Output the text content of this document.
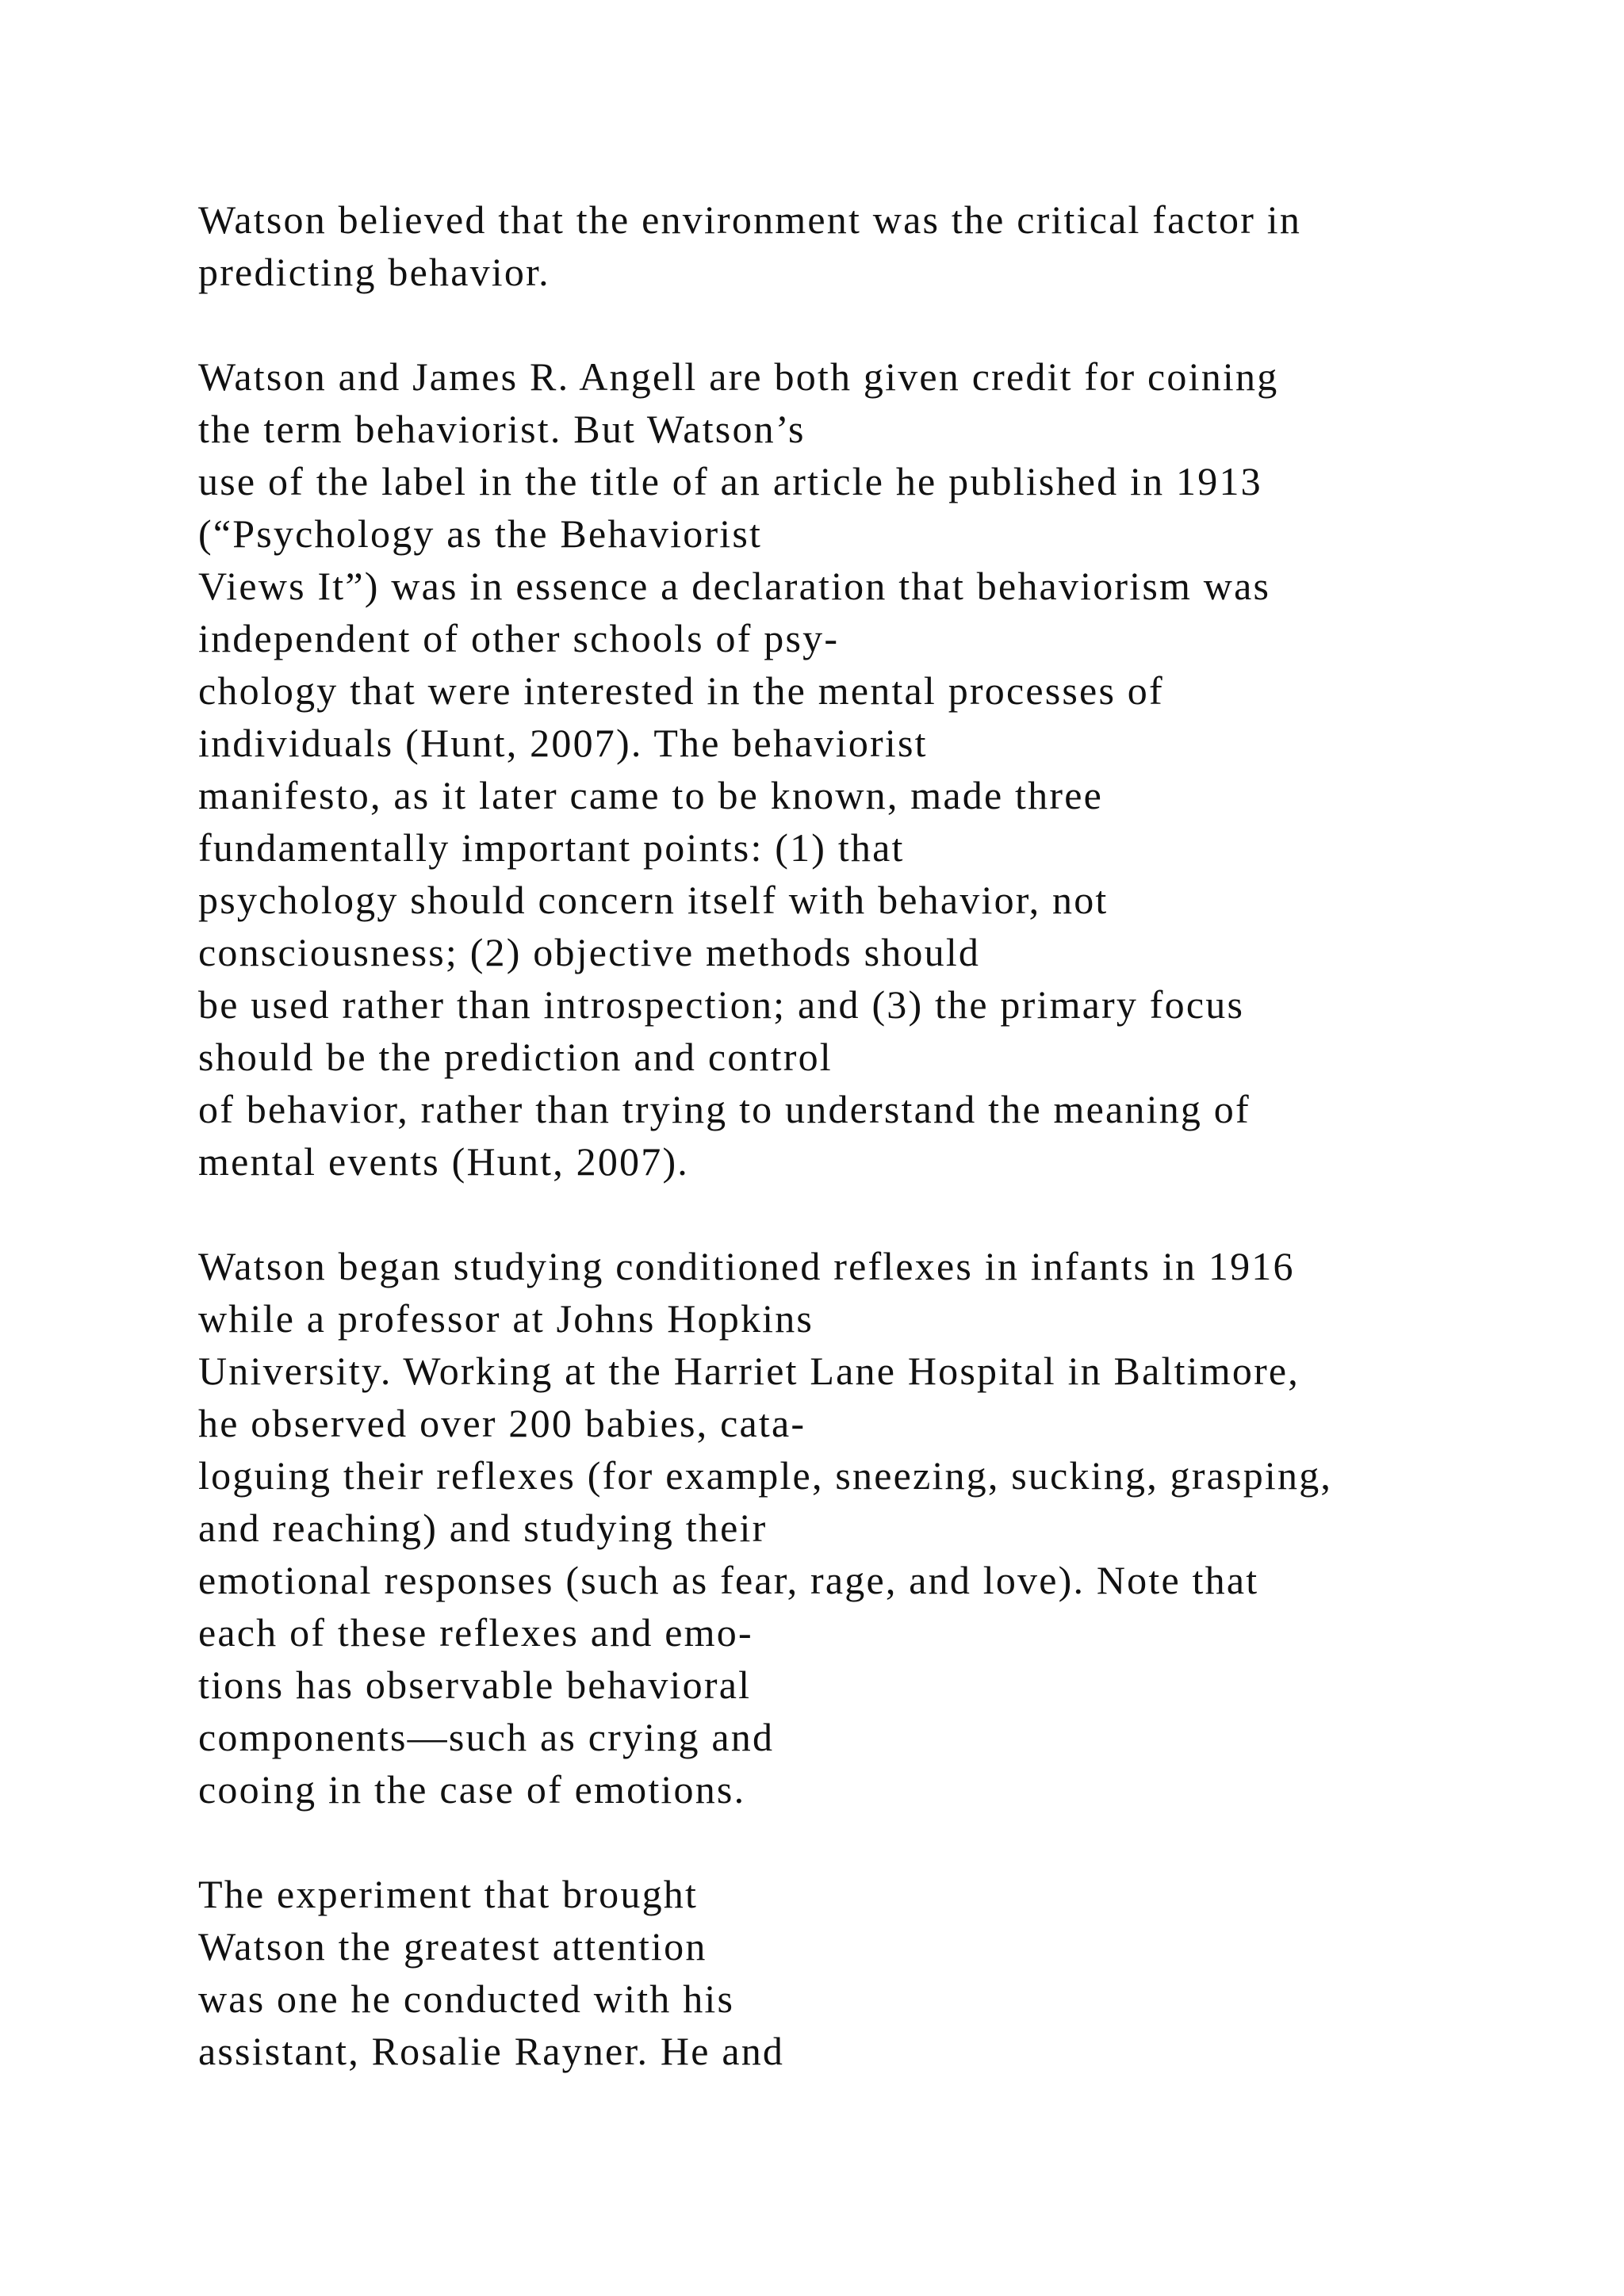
Watson believed that the environment was the critical factor in
predicting behavior.

Watson and James R. Angell are both given credit for coining
the term behaviorist. But Watson’s
use of the label in the title of an article he published in 1913
(“Psychology as the Behaviorist
Views It”) was in essence a declaration that behaviorism was
independent of other schools of psy-
chology that were interested in the mental processes of
individuals (Hunt, 2007). The behaviorist
manifesto, as it later came to be known, made three
fundamentally important points: (1) that
psychology should concern itself with behavior, not
consciousness; (2) objective methods should
be used rather than introspection; and (3) the primary focus
should be the prediction and control
of behavior, rather than trying to understand the meaning of
mental events (Hunt, 2007).

Watson began studying conditioned reflexes in infants in 1916
while a professor at Johns Hopkins
University. Working at the Harriet Lane Hospital in Baltimore,
he observed over 200 babies, cata-
loguing their reflexes (for example, sneezing, sucking, grasping,
and reaching) and studying their
emotional responses (such as fear, rage, and love). Note that
each of these reflexes and emo-
tions has observable behavioral
components—such as crying and
cooing in the case of emotions.

The experiment that brought
Watson the greatest attention
was one he conducted with his
assistant, Rosalie Rayner. He and
